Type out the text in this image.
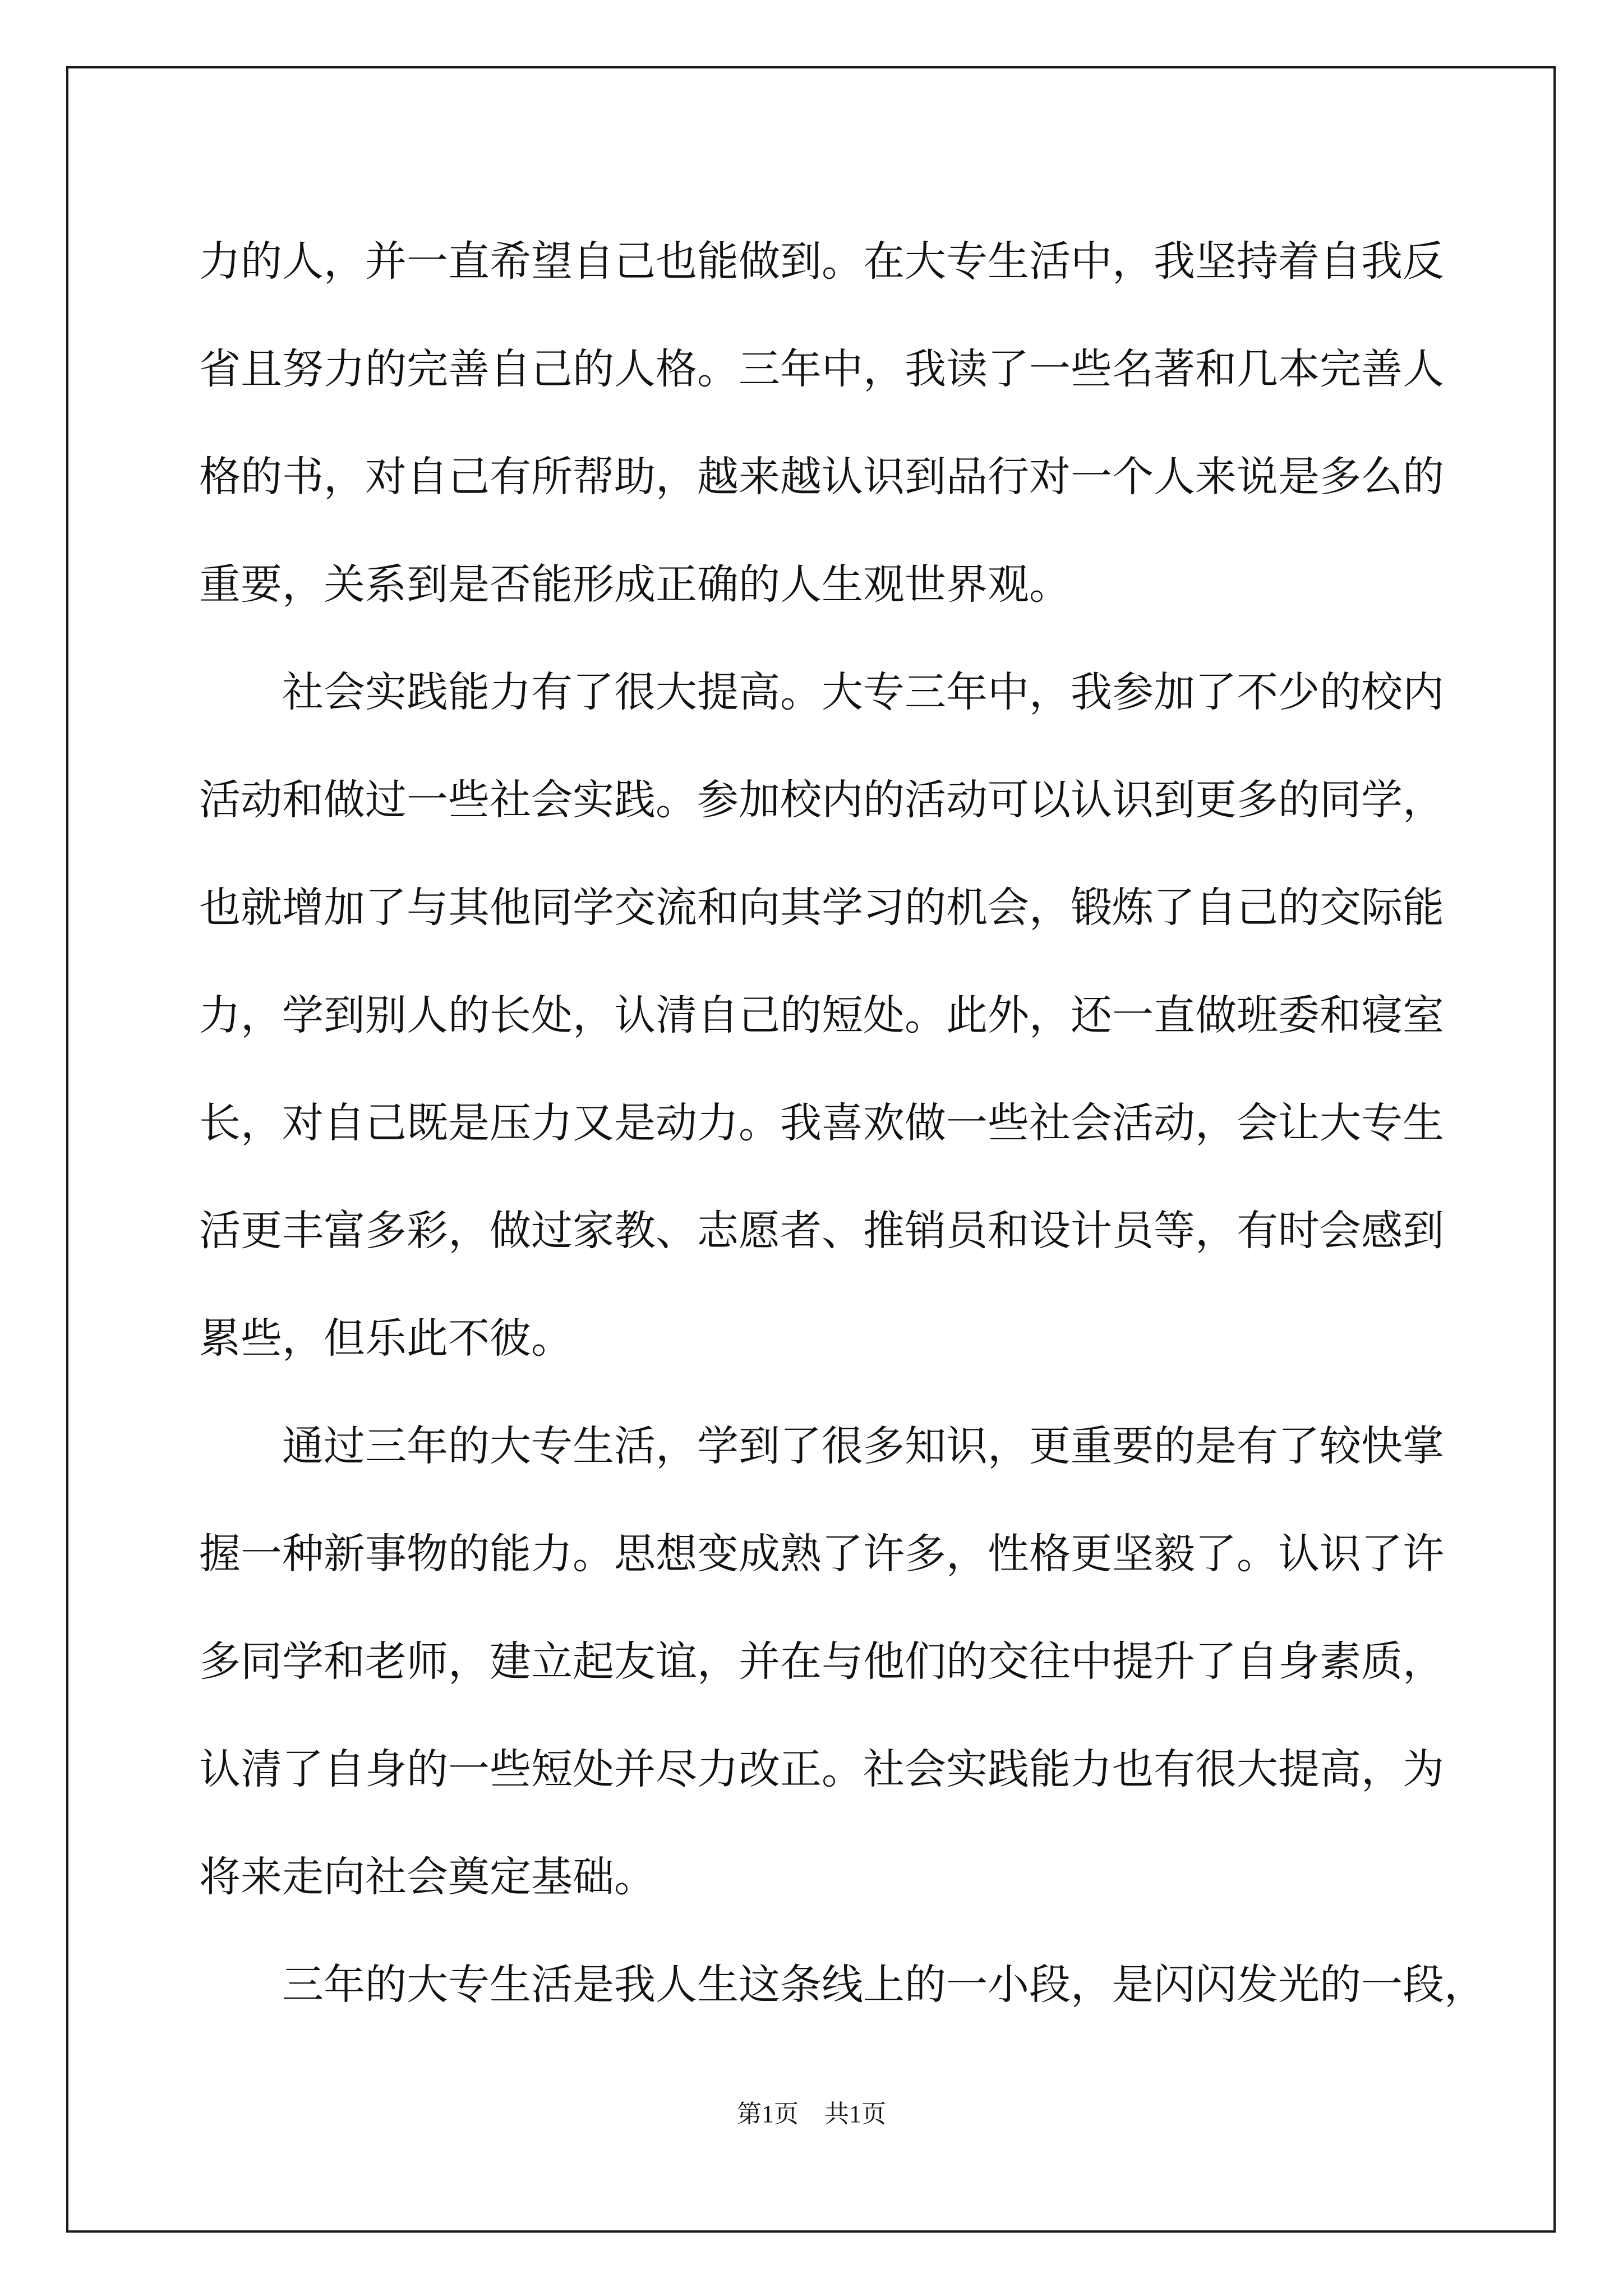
力的人，并一直希望自己也能做到。在大专生活中，我坚持着自我反
省且努力的完善自己的人格。三年中，我读了一些名著和几本完善人
格的书，对自己有所帮助，越来越认识到品行对一个人来说是多么的
重要，关系到是否能形成正确的人生观世界观。
社会实践能力有了很大提高。大专三年中，我参加了不少的校内
活动和做过一些社会实践。参加校内的活动可以认识到更多的同学，
也就增加了与其他同学交流和向其学习的机会，锻炼了自己的交际能
力，学到别人的长处，认清自己的短处。此外，还一直做班委和寝室
长，对自己既是压力又是动力。我喜欢做一些社会活动，会让大专生
活更丰富多彩，做过家教、志愿者、推销员和设计员等，有时会感到
累些，但乐此不彼。
通过三年的大专生活，学到了很多知识，更重要的是有了较快掌
握一种新事物的能力。思想变成熟了许多，性格更坚毅了。认识了许
多同学和老师，建立起友谊，并在与他们的交往中提升了自身素质，
认清了自身的一些短处并尽力改正。社会实践能力也有很大提高，为
将来走向社会奠定基础。
三年的大专生活是我人生这条线上的一小段，是闪闪发光的一段，
第1页 共1页
